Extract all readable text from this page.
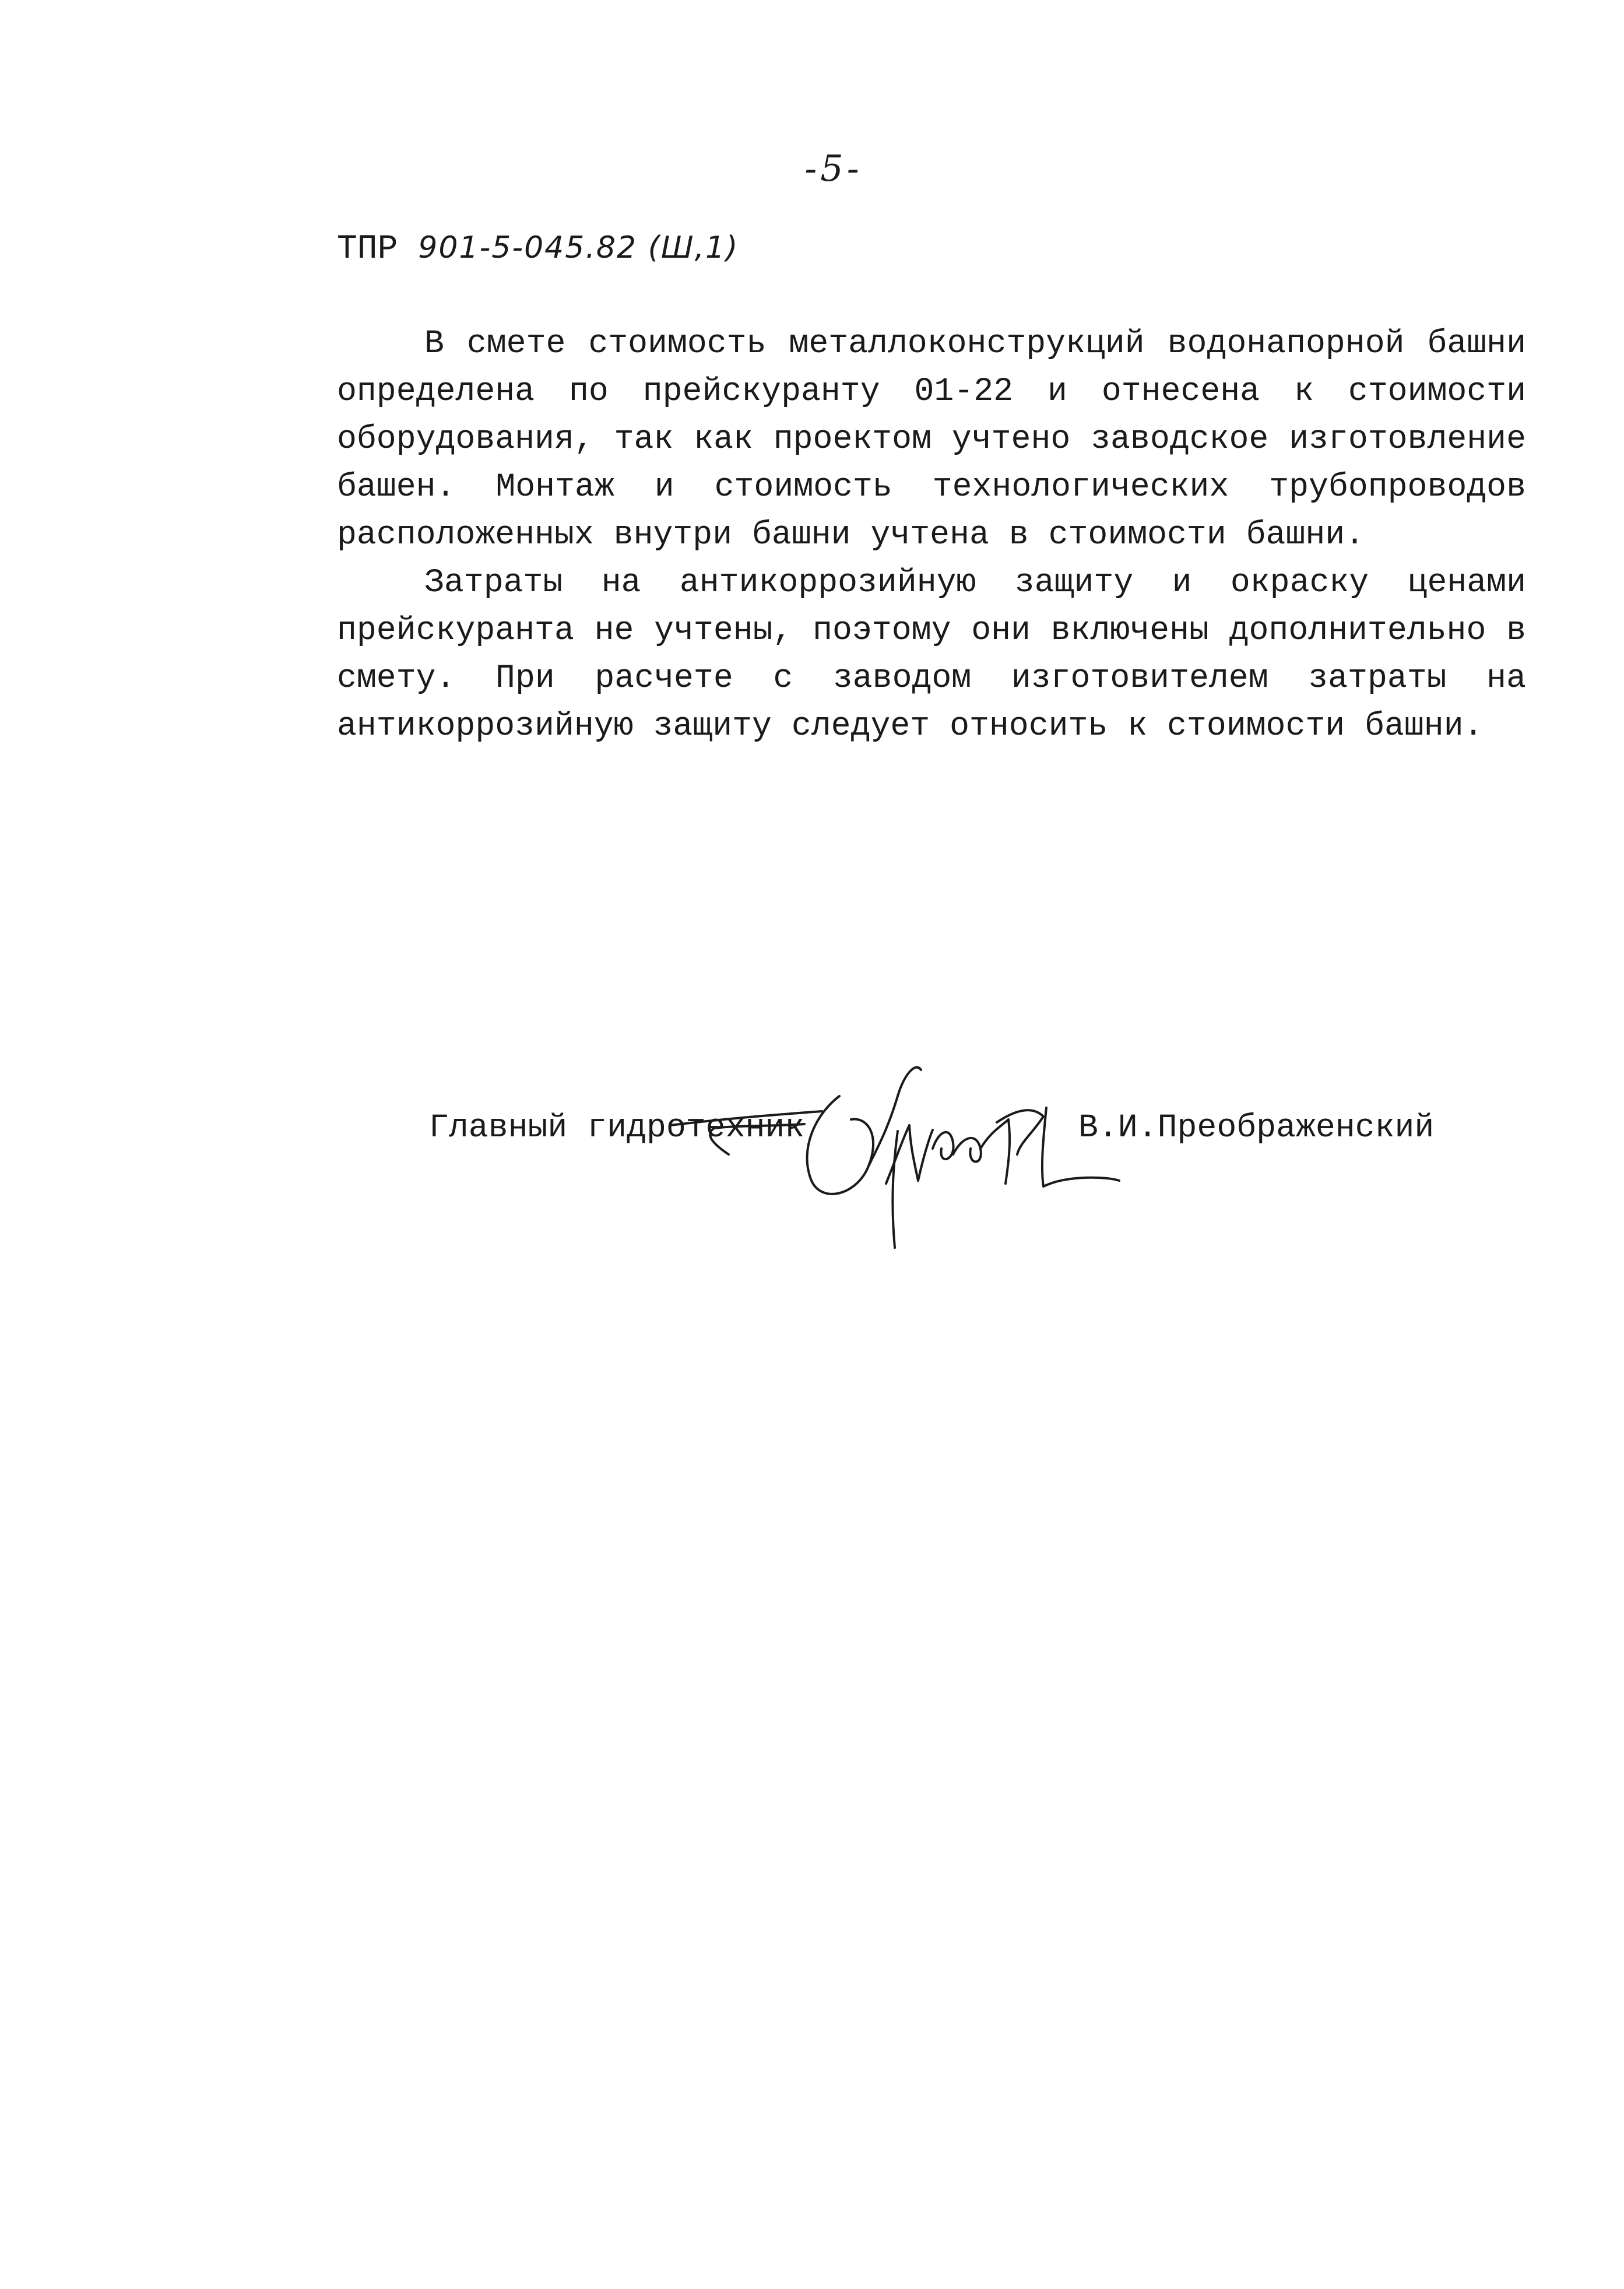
-5-
ТПР 901-5-045.82 (Ш,1)

В смете стоимость металлоконструкций водонапорной башни определена по прейскуранту 01-22 и отнесена к стоимости оборудования, так как проектом учтено заводское изготовление башен. Монтаж и стоимость технологических трубопроводов расположенных внутри башни учтена в стоимости башни.

Затраты на антикоррозийную защиту и окраску ценами прейскуранта не учтены, поэтому они включены дополнительно в смету. При расчете с заводом изготовителем затраты на антикоррозийную защиту следует относить к стоимости башни.

Главный гидротехник	В.И.Преображенский
